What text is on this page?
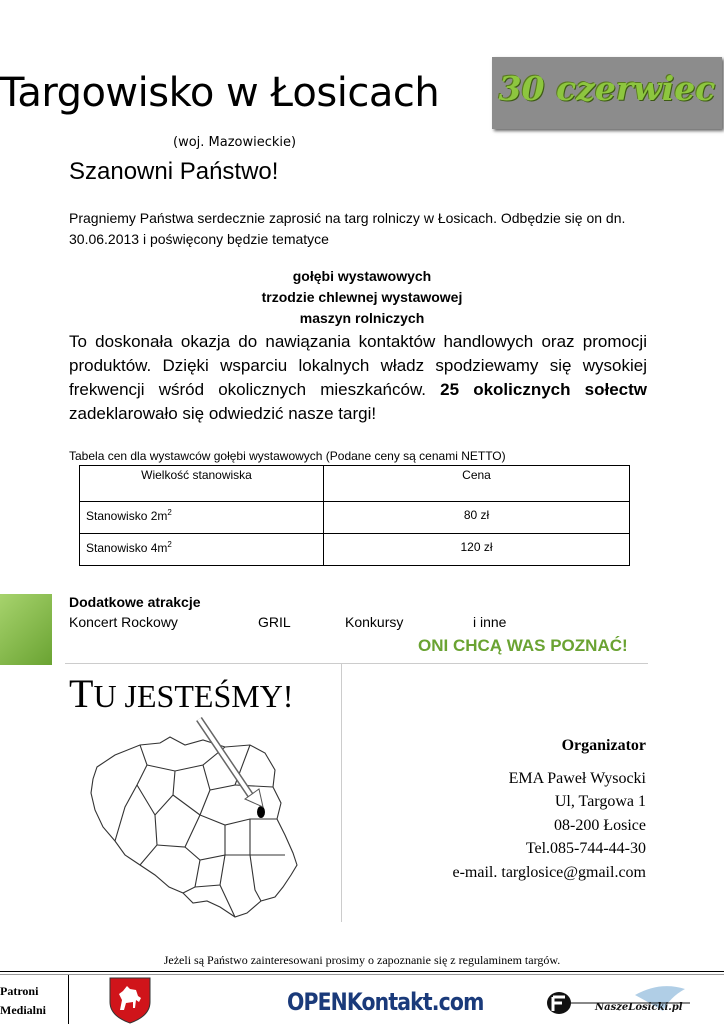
Targowisko w Łosicach 30 czerwiec
(woj. Mazowieckie)
Szanowni Państwo!
Pragniemy Państwa serdecznie zaprosić na targ rolniczy w Łosicach. Odbędzie się on dn. 30.06.2013 i poświęcony będzie tematyce
gołębi wystawowych
trzodzie chlewnej wystawowej
maszyn rolniczych
To doskonała okazja do nawiązania kontaktów handlowych oraz promocji produktów. Dzięki wsparciu lokalnych władz spodziewamy się wysokiej frekwencji wśród okolicznych mieszkańców. 25 okolicznych sołectw zadeklarowało się odwiedzić nasze targi!
Tabela cen dla wystawców gołębi wystawowych (Podane ceny są cenami NETTO)
Wielkość stanowiska	Cena
Stanowisko $2m^2$	80 zł
Stanowisko $4m^2$	120 zł
Dodatkowe atrakcje
Koncert Rockowy	GRIL	Konkursy	i inne
ONI CHCĄ WAS POZNAĆ!
TU JESTEŚMY!
Organizator
EMA Paweł Wysocki
Ul, Targowa 1
08-200 Łosice
Tel.085-744-44-30
e-mail. targlosice@gmail.com
Jeżeli są Państwo zainteresowani prosimy o zapoznanie się z regulaminem targów.
Patroni
Medialni	OPENKontakt.com	NaszeLosicki.pl
